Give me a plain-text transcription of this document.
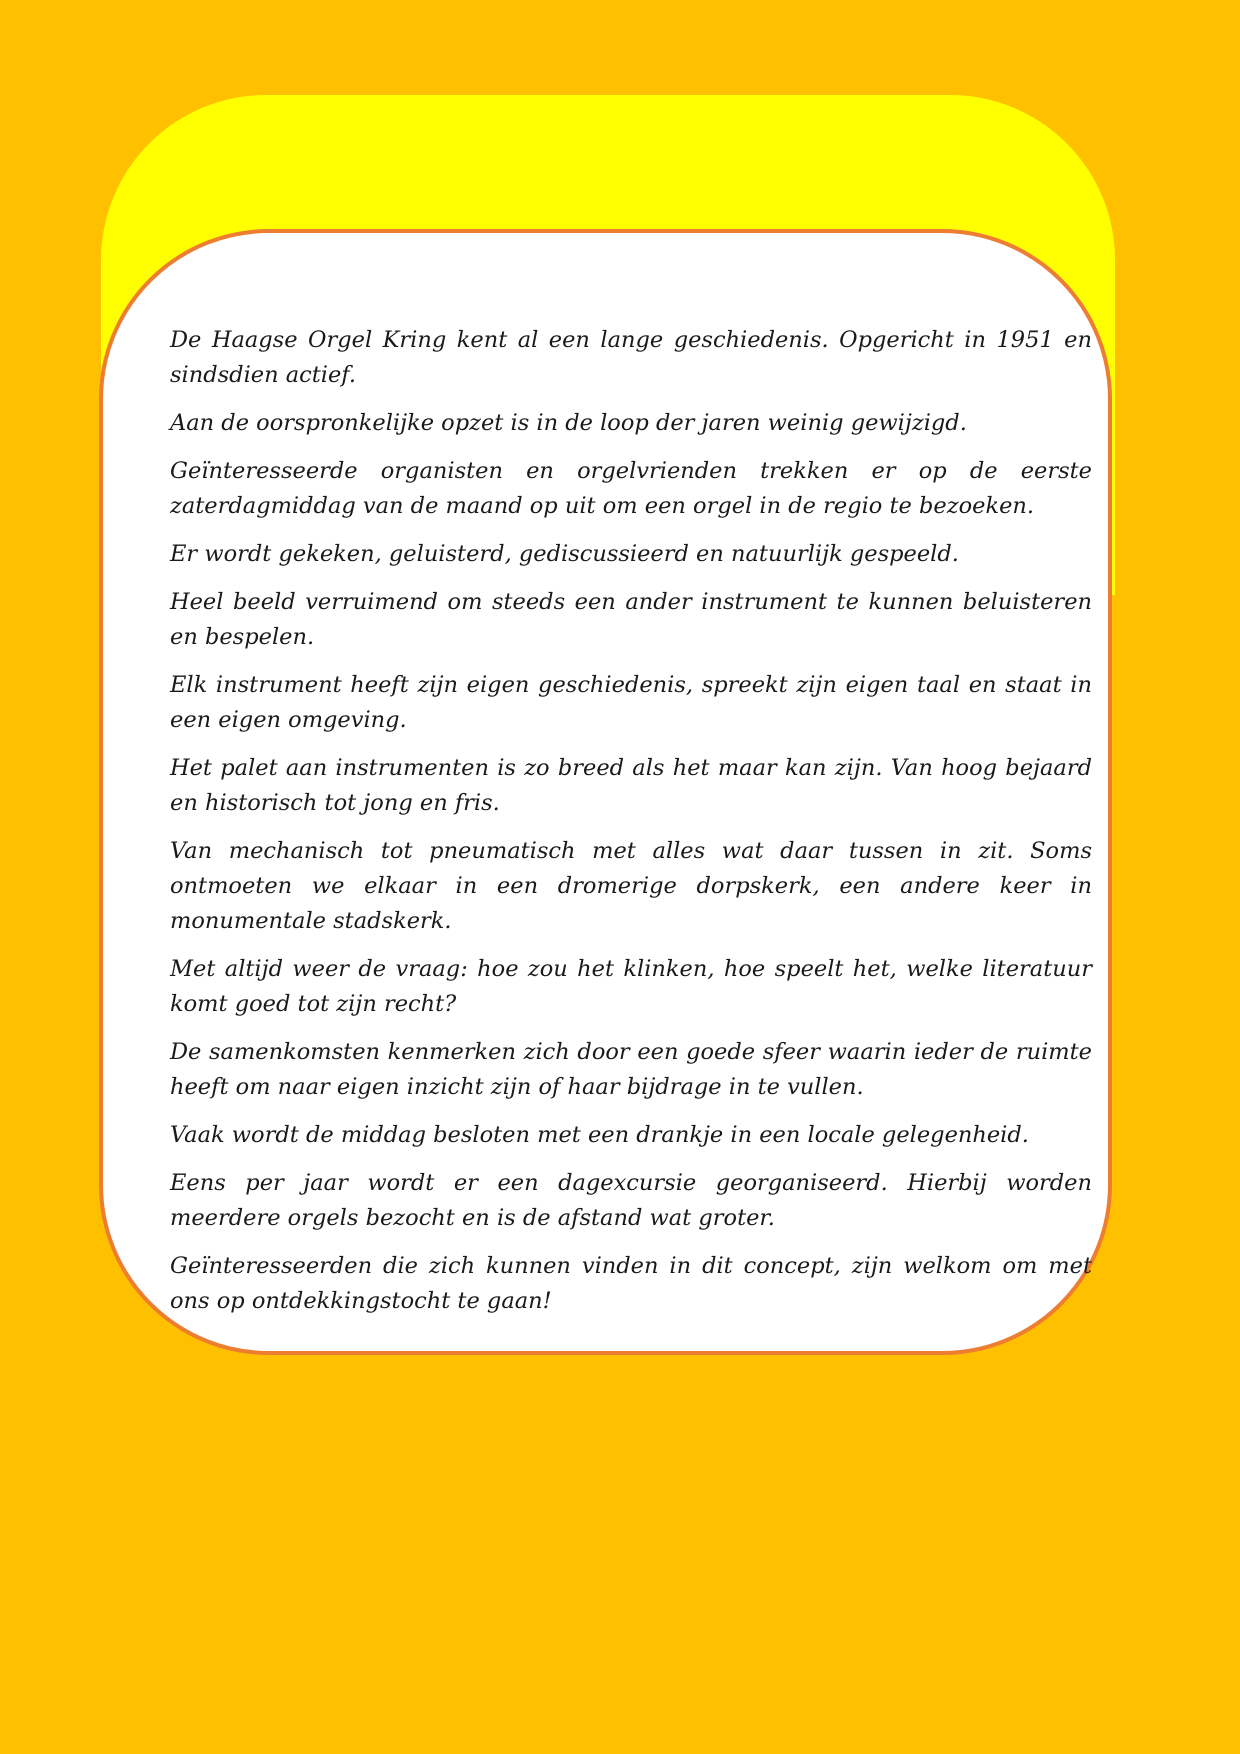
De Haagse Orgel Kring kent al een lange geschiedenis. Opgericht in 1951 en sindsdien actief.

Aan de oorspronkelijke opzet is in de loop der jaren weinig gewijzigd.

Geïnteresseerde organisten en orgelvrienden trekken er op de eerste zaterdagmiddag van de maand op uit om een orgel in de regio te bezoeken.

Er wordt gekeken, geluisterd, gediscussieerd en natuurlijk gespeeld.

Heel beeld verruimend om steeds een ander instrument te kunnen beluisteren en bespelen.

Elk instrument heeft zijn eigen geschiedenis, spreekt zijn eigen taal en staat in een eigen omgeving.

Het palet aan instrumenten is zo breed als het maar kan zijn. Van hoog bejaard en historisch tot jong en fris.

Van mechanisch tot pneumatisch met alles wat daar tussen in zit. Soms ontmoeten we elkaar in een dromerige dorpskerk, een andere keer in monumentale stadskerk.

Met altijd weer de vraag: hoe zou het klinken, hoe speelt het, welke literatuur komt goed tot zijn recht?

De samenkomsten kenmerken zich door een goede sfeer waarin ieder de ruimte heeft om naar eigen inzicht zijn of haar bijdrage in te vullen.

Vaak wordt de middag besloten met een drankje in een locale gelegenheid.

Eens per jaar wordt er een dagexcursie georganiseerd. Hierbij worden meerdere orgels bezocht en is de afstand wat groter.

Geïnteresseerden die zich kunnen vinden in dit concept, zijn welkom om met ons op ontdekkingstocht te gaan!
